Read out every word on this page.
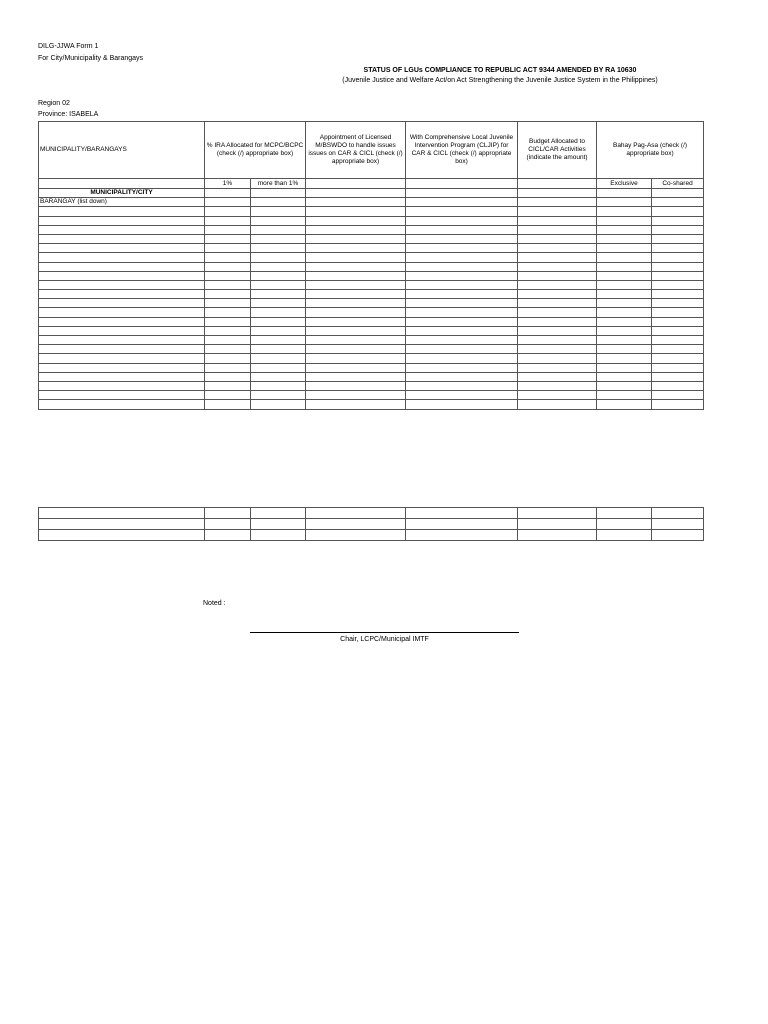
DILG-JJWA Form 1
For City/Municipality & Barangays
STATUS OF LGUs COMPLIANCE TO REPUBLIC ACT 9344 AMENDED BY RA 10630
(Juvenile Justice and Welfare Act/on Act Strengthening the Juvenile Justice System in the Philippines)
Region 02
Province: ISABELA
MUNICIPALITY/BARANGAYS	% IRA Allocated for MCPC/BCPC (check (/) appropriate box)		Appointment of Licensed M/BSWDO to handle issues issues on CAR & CICL (check (/) appropriate box)	With Comprehensive Local Juvenile Intervention Program (CLJIP) for CAR & CICL (check (/) appropriate box)	Budget Allocated to CICL/CAR Activities (indicate the amount)	Bahay Pag-Asa (check (/) appropriate box)	
	1%	more than 1%				Exclusive	Co-shared
MUNICIPALITY/CITY							
BARANGAY (list down)							

Noted :
Chair, LCPC/Municipal IMTF
